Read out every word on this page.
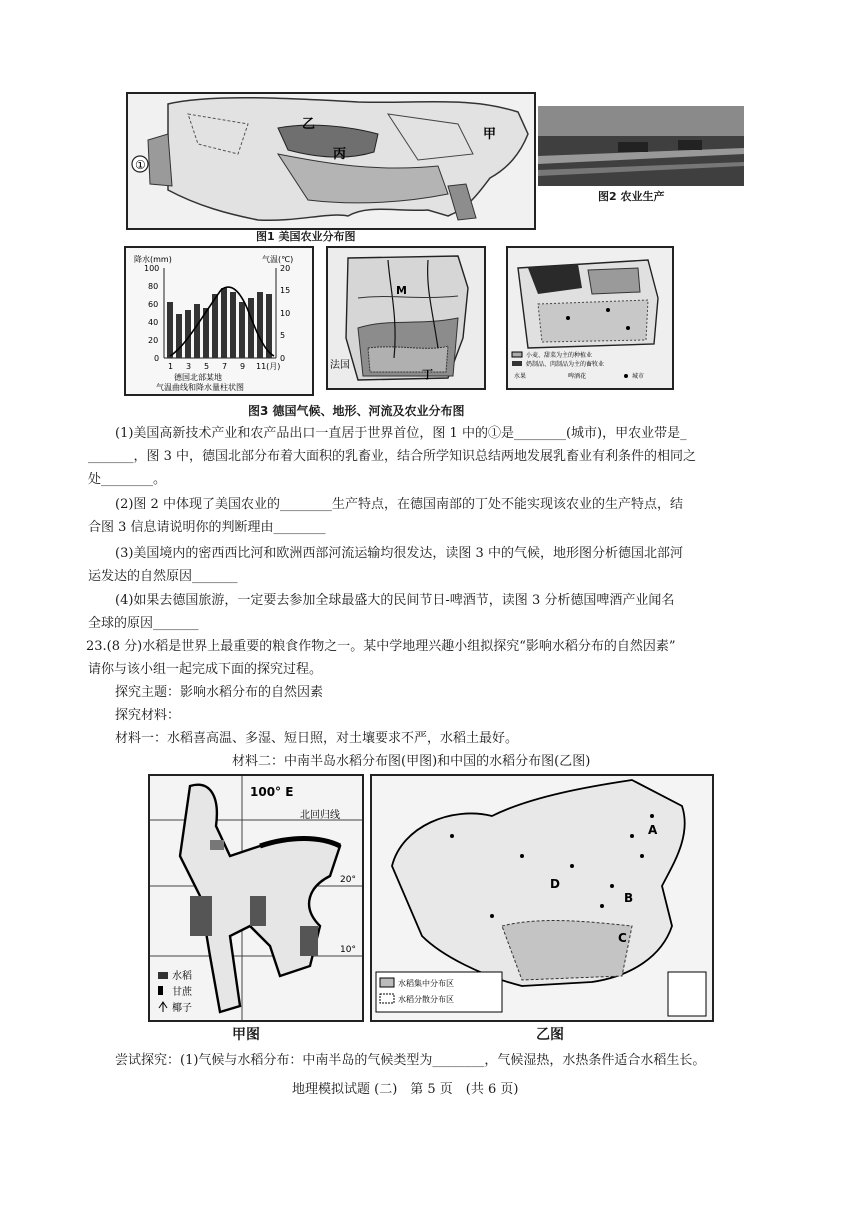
①
乙
甲
丙
图1 美国农业分布图
图2 农业生产
降水(mm)	气温(℃)
100
80
60
40
20
0
20
15
10
5
0
1 3 5 7 9 11(月)
德国北部某地
气温曲线和降水量柱状图
M
法国
丁
小麦、甜菜为主的种植业
奶制品、肉制品为主的畜牧业
水果	啤酒花	城市
图3 德国气候、地形、河流及农业分布图

(1)美国高新技术产业和农产品出口一直居于世界首位，图 1 中的①是________(城市)，甲农业带是_

_______，图 3 中，德国北部分布着大面积的乳畜业，结合所学知识总结两地发展乳畜业有利条件的相同之

处________。

(2)图 2 中体现了美国农业的________生产特点，在德国南部的丁处不能实现该农业的生产特点，结

合图 3 信息请说明你的判断理由________

(3)美国境内的密西西比河和欧洲西部河流运输均很发达，读图 3 中的气候，地形图分析德国北部河

运发达的自然原因_______

(4)如果去德国旅游，一定要去参加全球最盛大的民间节日-啤酒节，读图 3 分析德国啤酒产业闻名

全球的原因_______

23.(8 分)水稻是世界上最重要的粮食作物之一。某中学地理兴趣小组拟探究“影响水稻分布的自然因素”

请你与该小组一起完成下面的探究过程。

探究主题：影响水稻分布的自然因素

探究材料：

材料一：水稻喜高温、多湿、短日照，对土壤要求不严，水稻土最好。

材料二：中南半岛水稻分布图(甲图)和中国的水稻分布图(乙图)

100° E
北回归线
20°
10°
水稻
甘蔗
椰子
甲图
A
B
C
D
水稻集中分布区
水稻分散分布区
乙图

尝试探究：(1)气候与水稻分布：中南半岛的气候类型为________，气候湿热，水热条件适合水稻生长。

地理模拟试题 (二)　第 5 页　(共 6 页)
